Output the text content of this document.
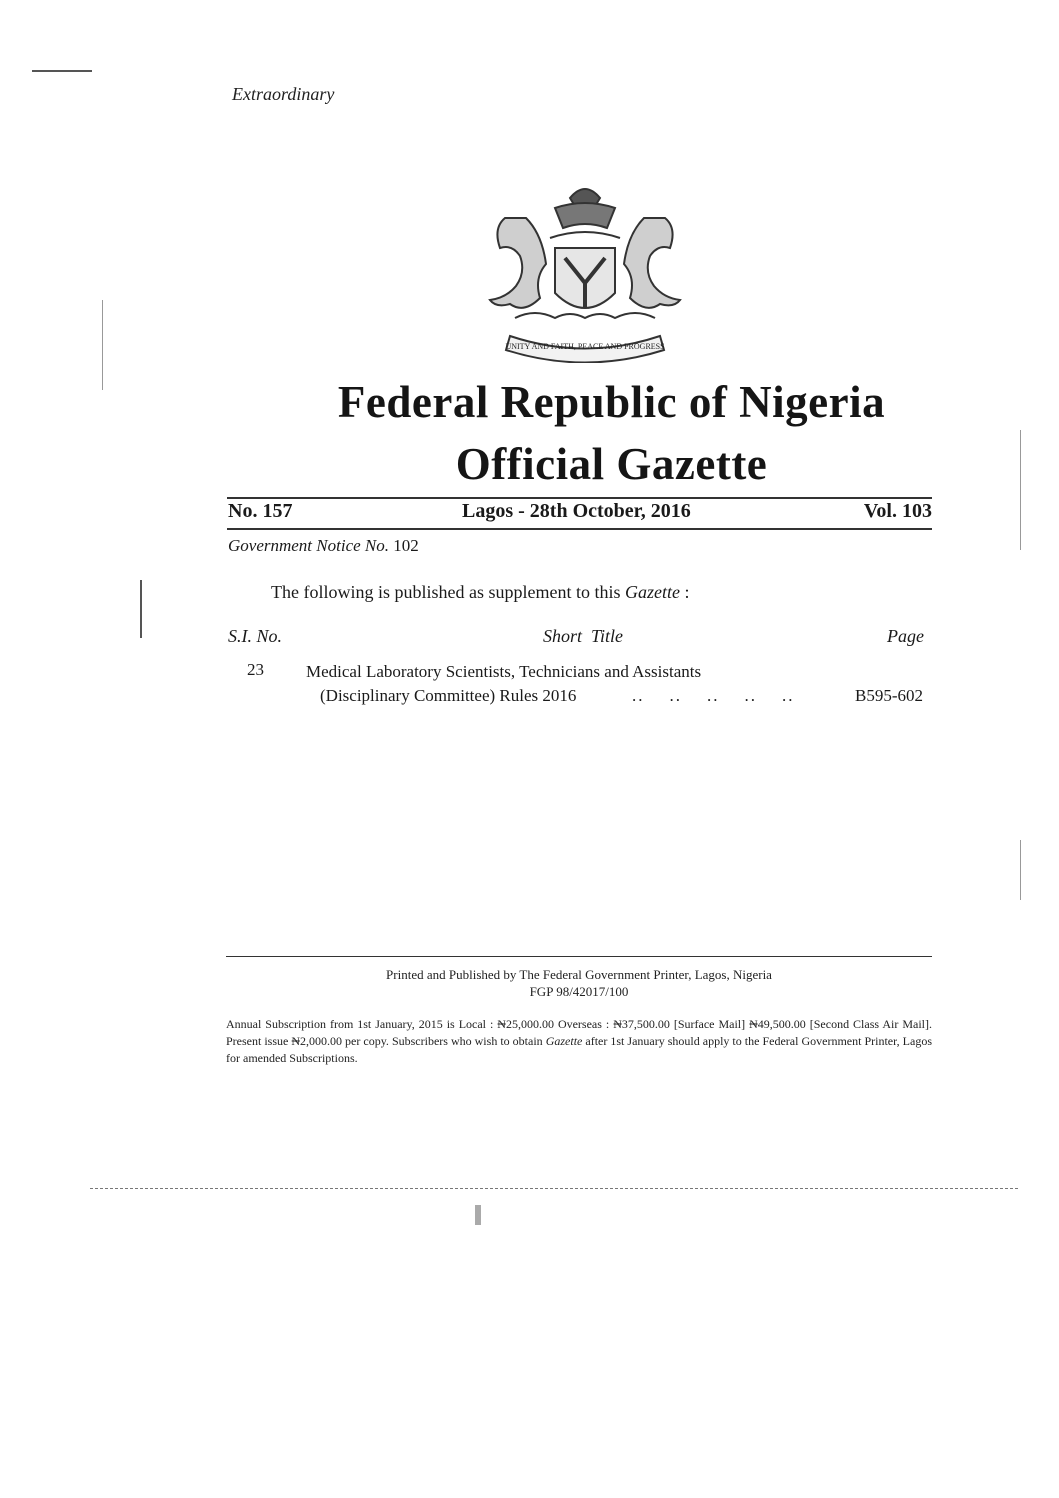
Extraordinary
UNITY AND FAITH, PEACE AND PROGRESS
Federal Republic of Nigeria
Official Gazette
No. 157	Lagos - 28th October, 2016	Vol. 103
Government Notice No. 102
The following is published as supplement to this Gazette :
S.I. No.	Short  Title	Page
23 Medical Laboratory Scientists, Technicians and Assistants
(Disciplinary Committee) Rules 2016	..    ..    ..    ..    ..	B595-602
Printed and Published by The Federal Government Printer, Lagos, Nigeria
FGP 98/42017/100
Annual Subscription from 1st January, 2015 is Local : ₦25,000.00 Overseas : ₦37,500.00 [Surface Mail] ₦49,500.00 [Second Class Air Mail]. Present issue ₦2,000.00 per copy. Subscribers who wish to obtain Gazette after 1st January should apply to the Federal Government Printer, Lagos for amended Subscriptions.
